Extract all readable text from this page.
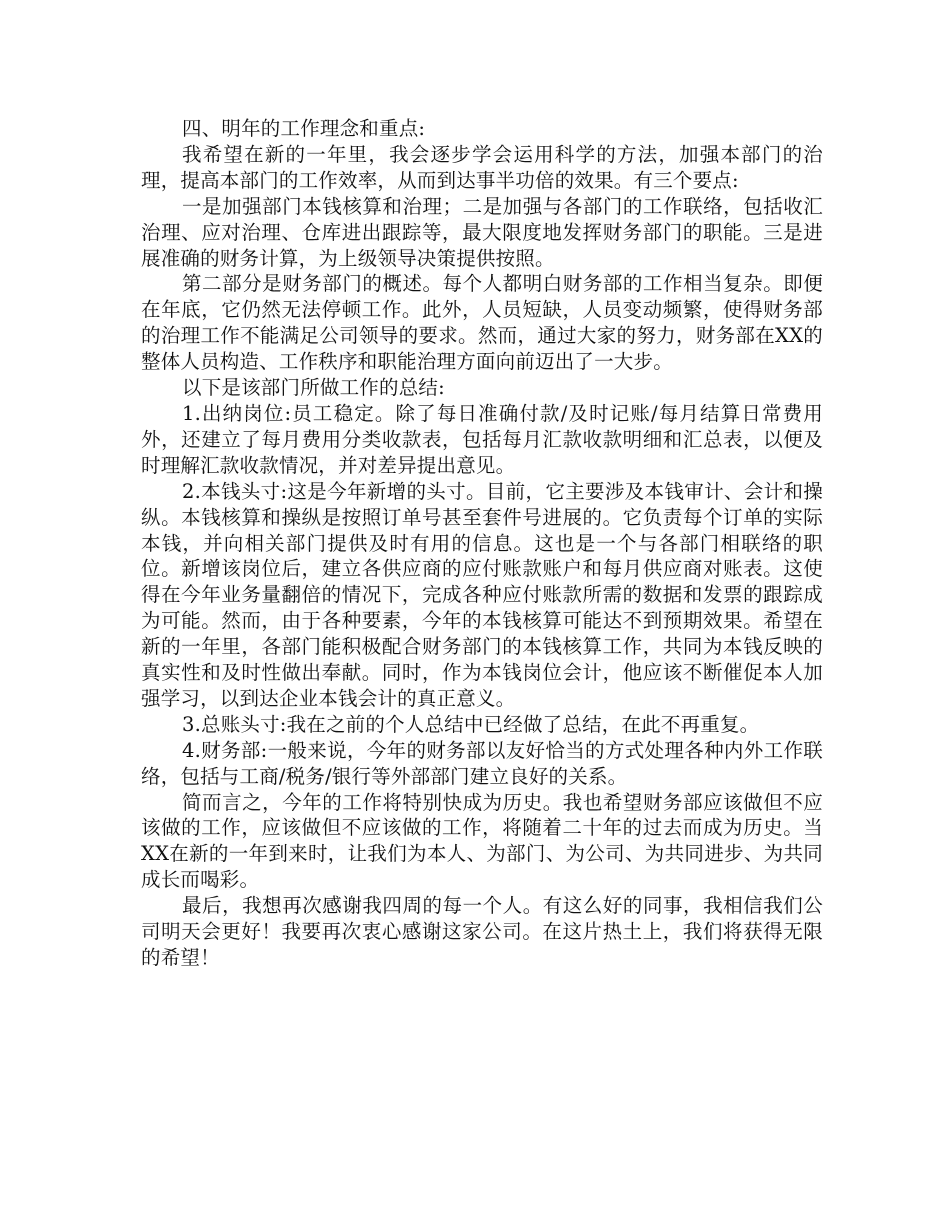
四、明年的工作理念和重点:

我希望在新的一年里，我会逐步学会运用科学的方法，加强本部门的治理，提高本部门的工作效率，从而到达事半功倍的效果。有三个要点:

一是加强部门本钱核算和治理；二是加强与各部门的工作联络，包括收汇治理、应对治理、仓库进出跟踪等，最大限度地发挥财务部门的职能。三是进展准确的财务计算，为上级领导决策提供按照。

第二部分是财务部门的概述。每个人都明白财务部的工作相当复杂。即便在年底，它仍然无法停顿工作。此外，人员短缺，人员变动频繁，使得财务部的治理工作不能满足公司领导的要求。然而，通过大家的努力，财务部在XX的整体人员构造、工作秩序和职能治理方面向前迈出了一大步。

以下是该部门所做工作的总结:

1.出纳岗位:员工稳定。除了每日准确付款/及时记账/每月结算日常费用外，还建立了每月费用分类收款表，包括每月汇款收款明细和汇总表，以便及时理解汇款收款情况，并对差异提出意见。

2.本钱头寸:这是今年新增的头寸。目前，它主要涉及本钱审计、会计和操纵。本钱核算和操纵是按照订单号甚至套件号进展的。它负责每个订单的实际本钱，并向相关部门提供及时有用的信息。这也是一个与各部门相联络的职位。新增该岗位后，建立各供应商的应付账款账户和每月供应商对账表。这使得在今年业务量翻倍的情况下，完成各种应付账款所需的数据和发票的跟踪成为可能。然而，由于各种要素，今年的本钱核算可能达不到预期效果。希望在新的一年里，各部门能积极配合财务部门的本钱核算工作，共同为本钱反映的真实性和及时性做出奉献。同时，作为本钱岗位会计，他应该不断催促本人加强学习，以到达企业本钱会计的真正意义。

3.总账头寸:我在之前的个人总结中已经做了总结，在此不再重复。

4.财务部:一般来说，今年的财务部以友好恰当的方式处理各种内外工作联络，包括与工商/税务/银行等外部部门建立良好的关系。

简而言之，今年的工作将特别快成为历史。我也希望财务部应该做但不应该做的工作，应该做但不应该做的工作，将随着二十年的过去而成为历史。当XX在新的一年到来时，让我们为本人、为部门、为公司、为共同进步、为共同成长而喝彩。

最后，我想再次感谢我四周的每一个人。有这么好的同事，我相信我们公司明天会更好！我要再次衷心感谢这家公司。在这片热土上，我们将获得无限的希望！
